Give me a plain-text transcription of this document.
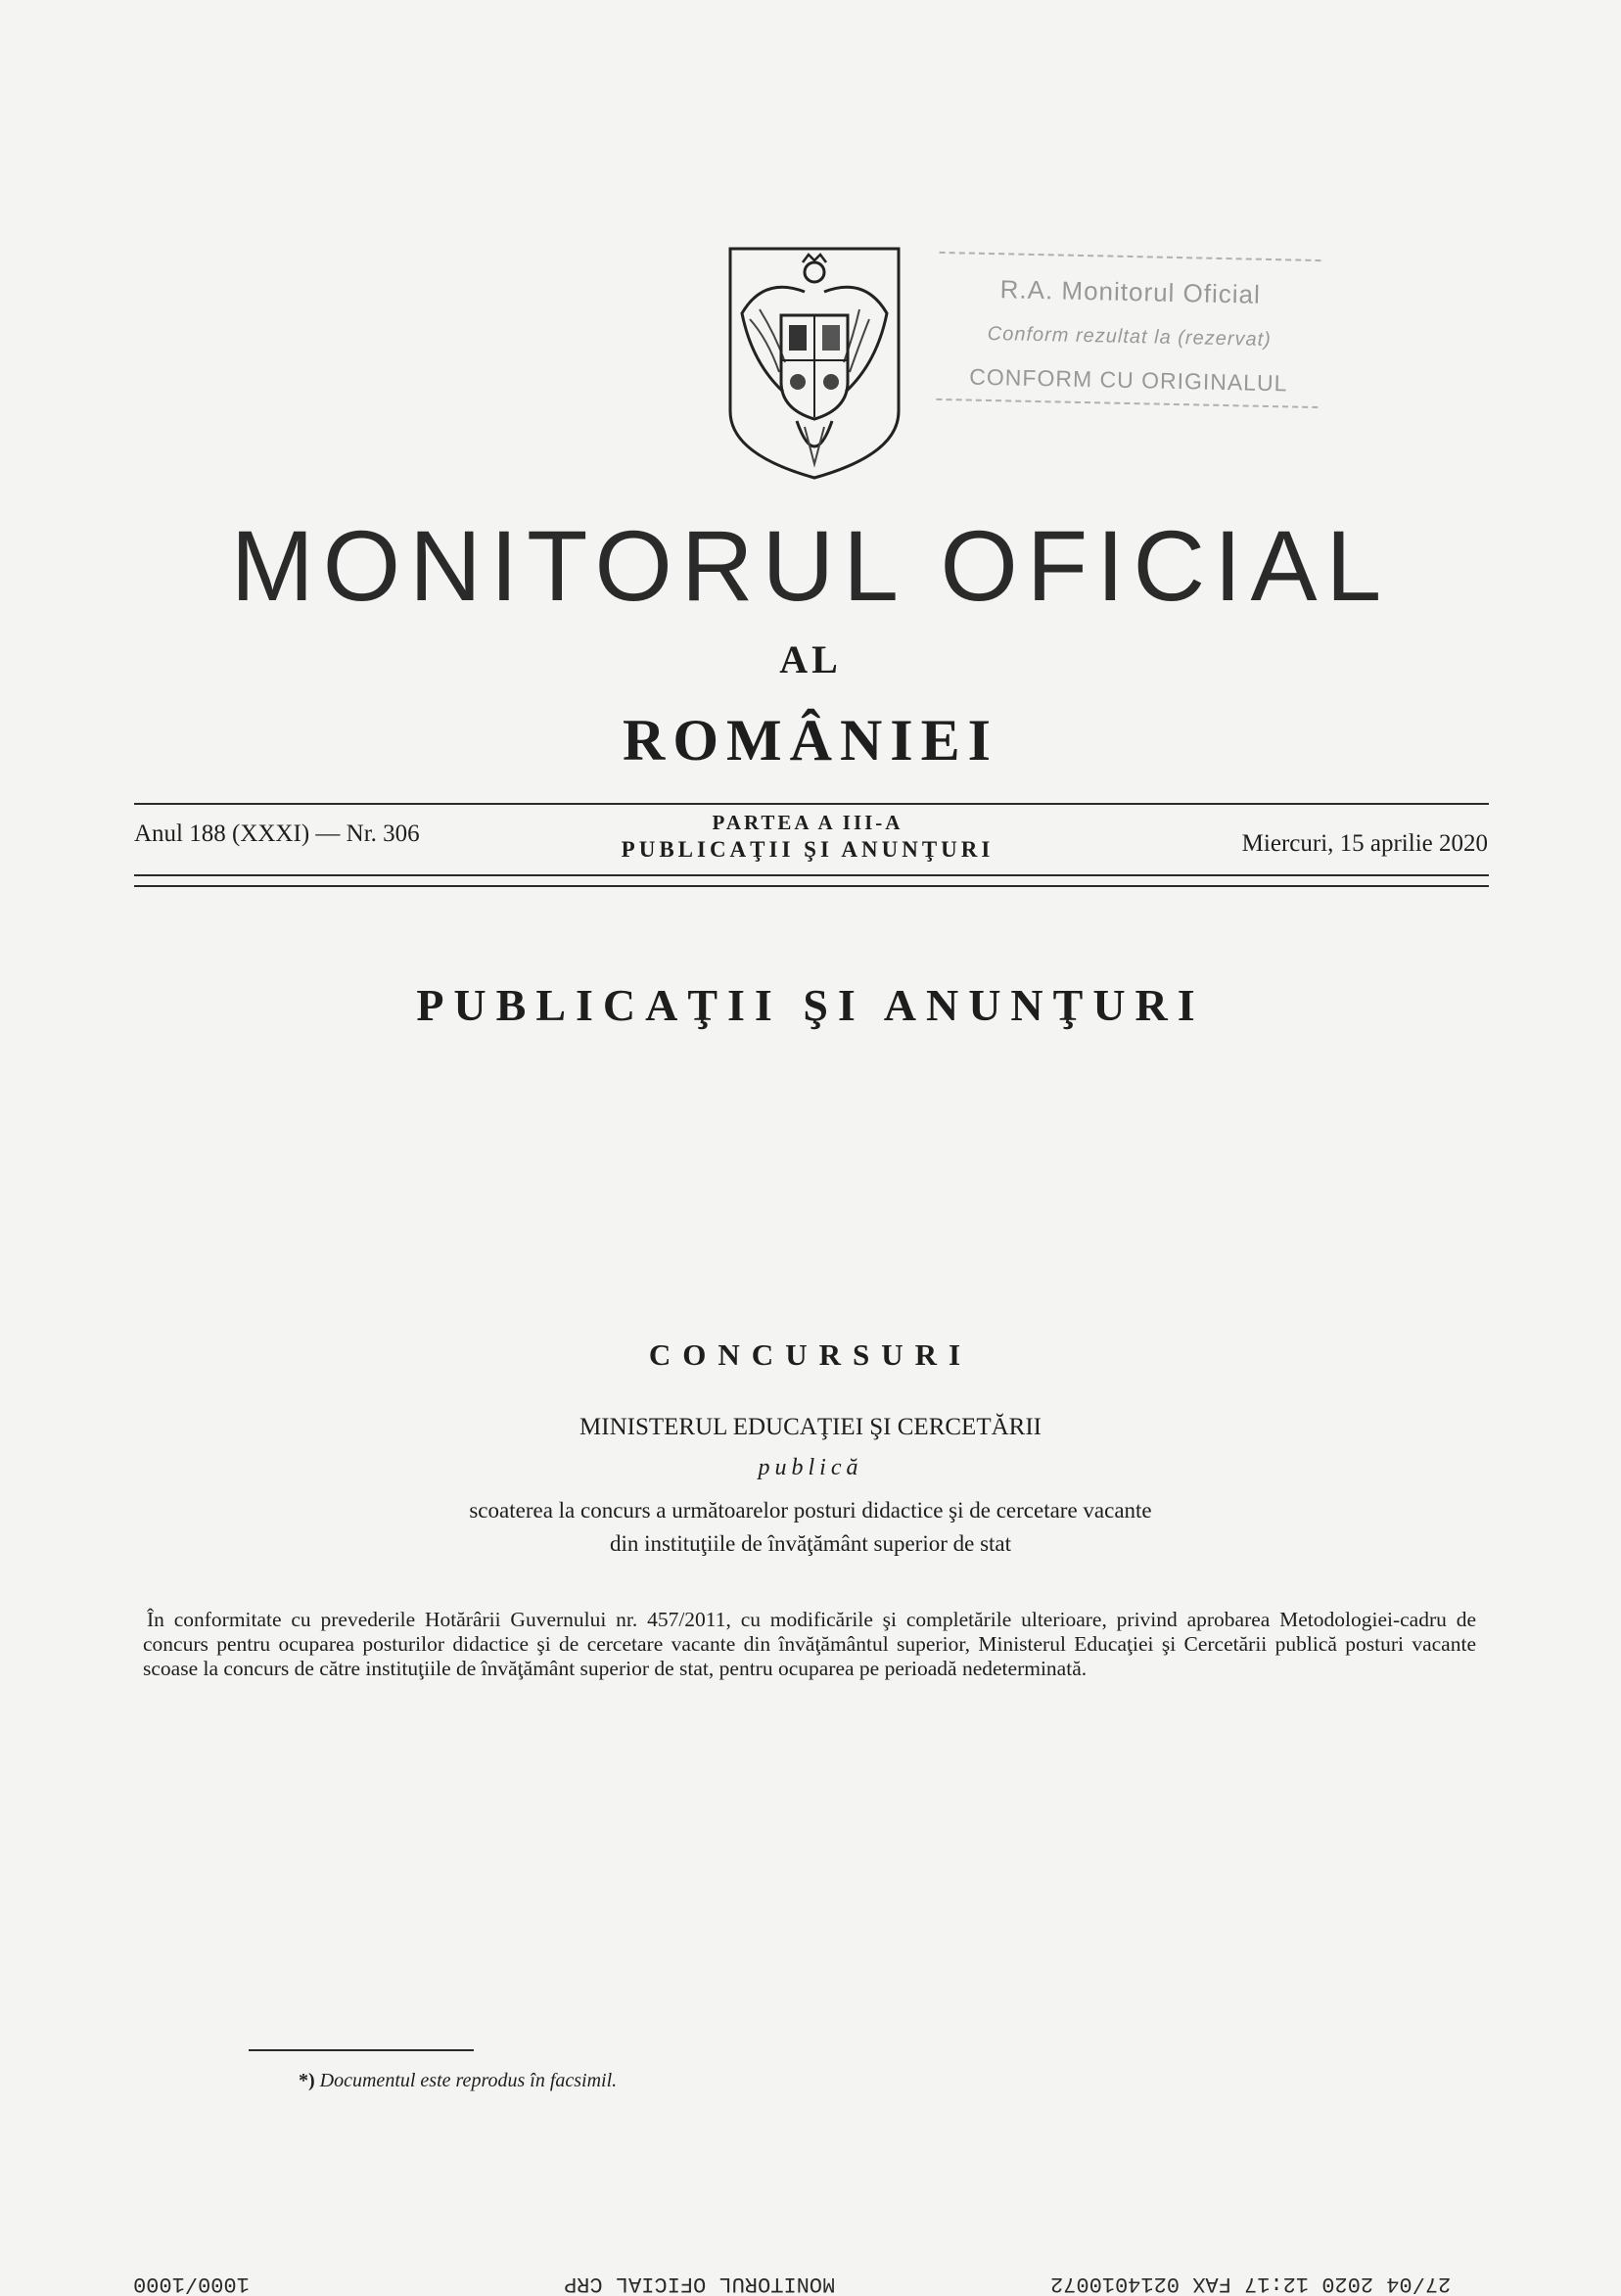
R.A. Monitorul Oficial
Conform rezultat la (rezervat)
CONFORM CU ORIGINALUL
MONITORUL OFICIAL
AL
ROMÂNIEI
Anul 188 (XXXI) — Nr. 306	PARTEA A III-A
PUBLICAŢII ŞI ANUNŢURI	Miercuri, 15 aprilie 2020
PUBLICAŢII ŞI ANUNŢURI
CONCURSURI
MINISTERUL EDUCAŢIEI ŞI CERCETĂRII
publică
scoaterea la concurs a următoarelor posturi didactice şi de cercetare vacante
din instituţiile de învăţământ superior de stat
În conformitate cu prevederile Hotărârii Guvernului nr. 457/2011, cu modificările şi completările ulterioare, privind aprobarea Metodologiei-cadru de concurs pentru ocuparea posturilor didactice şi de cercetare vacante din învăţământul superior, Ministerul Educaţiei şi Cercetării publică posturi vacante scoase la concurs de către instituţiile de învăţământ superior de stat, pentru ocuparea pe perioadă nedeterminată.
*) Documentul este reprodus în facsimil.
1000/1000	MONITORUL OFICIAL CRP	27/04 2020 12:17 FAX 0214010072
